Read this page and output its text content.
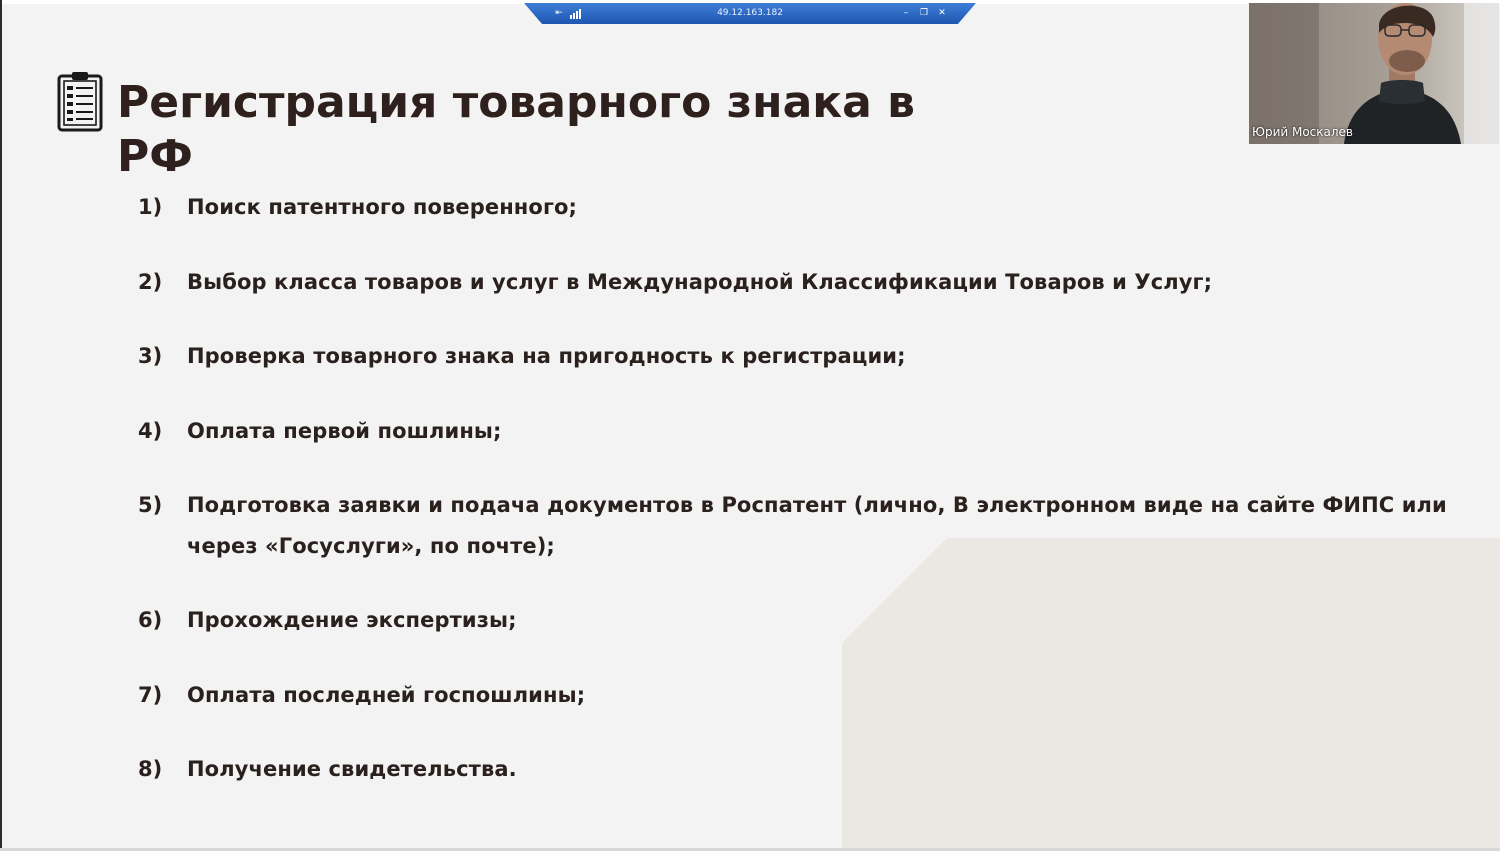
Регистрация товарного знака в РФ
1)	Поиск патентного поверенного;
2)	Выбор класса товаров и услуг в Международной Классификации Товаров и Услуг;
3)	Проверка товарного знака на пригодность к регистрации;
4)	Оплата первой пошлины;
5)	Подготовка заявки и подача документов в Роспатент (лично, В электронном виде на сайте ФИПС или через «Госуслуги», по почте);
6)	Прохождение экспертизы;
7)	Оплата последней госпошлины;
8)	Получение свидетельства.
⇤	49.12.163.182	–	❐ ✕
Юрий Москалев
